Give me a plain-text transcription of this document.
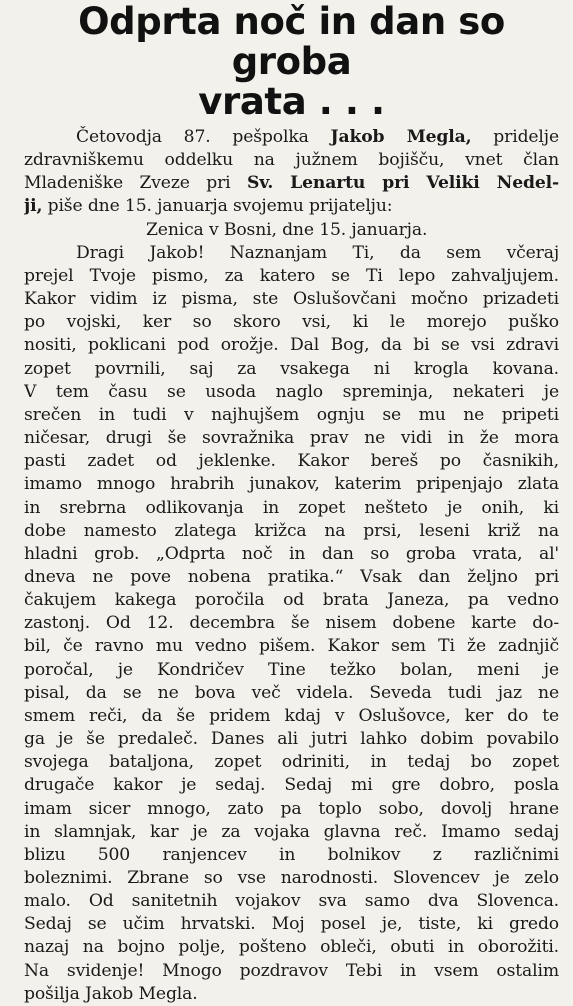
Odprta noč in dan so groba
vrata . . .
Četovodja 87. pešpolka Jakob Megla, pridelje
zdravniškemu oddelku na južnem bojišču, vnet član
Mladeniške Zveze pri Sv. Lenartu pri Veliki Nedel-
ji, piše dne 15. januarja svojemu prijatelju:
Zenica v Bosni, dne 15. januarja.
Dragi Jakob! Naznanjam Ti, da sem včeraj
prejel Tvoje pismo, za katero se Ti lepo zahvaljujem.
Kakor vidim iz pisma, ste Oslušovčani močno prizadeti
po vojski, ker so skoro vsi, ki le morejo puško
nositi, poklicani pod orožje. Dal Bog, da bi se vsi zdravi
zopet povrnili, saj za vsakega ni krogla kovana.
V tem času se usoda naglo spreminja, nekateri je
srečen in tudi v najhujšem ognju se mu ne pripeti
ničesar, drugi še sovražnika prav ne vidi in že mora
pasti zadet od jeklenke. Kakor bereš po časnikih,
imamo mnogo hrabrih junakov, katerim pripenjajo zlata
in srebrna odlikovanja in zopet nešteto je onih, ki
dobe namesto zlatega križca na prsi, leseni križ na
hladni grob. „Odprta noč in dan so groba vrata, al'
dneva ne pove nobena pratika.“ Vsak dan željno pri
čakujem kakega poročila od brata Janeza, pa vedno
zastonj. Od 12. decembra še nisem dobene karte do-
bil, če ravno mu vedno pišem. Kakor sem Ti že zadnjič
poročal, je Kondričev Tine težko bolan, meni je
pisal, da se ne bova več videla. Seveda tudi jaz ne
smem reči, da še pridem kdaj v Oslušovce, ker do te
ga je še predaleč. Danes ali jutri lahko dobim povabilo
svojega bataljona, zopet odriniti, in tedaj bo zopet
drugače kakor je sedaj. Sedaj mi gre dobro, posla
imam sicer mnogo, zato pa toplo sobo, dovolj hrane
in slamnjak, kar je za vojaka glavna reč. Imamo sedaj
blizu 500 ranjencev in bolnikov z različnimi
boleznimi. Zbrane so vse narodnosti. Slovencev je zelo
malo. Od sanitetnih vojakov sva samo dva Slovenca.
Sedaj se učim hrvatski. Moj posel je, tiste, ki gredo
nazaj na bojno polje, pošteno obleči, obuti in oborožiti.
Na svidenje! Mnogo pozdravov Tebi in vsem ostalim
pošilja Jakob Megla.
